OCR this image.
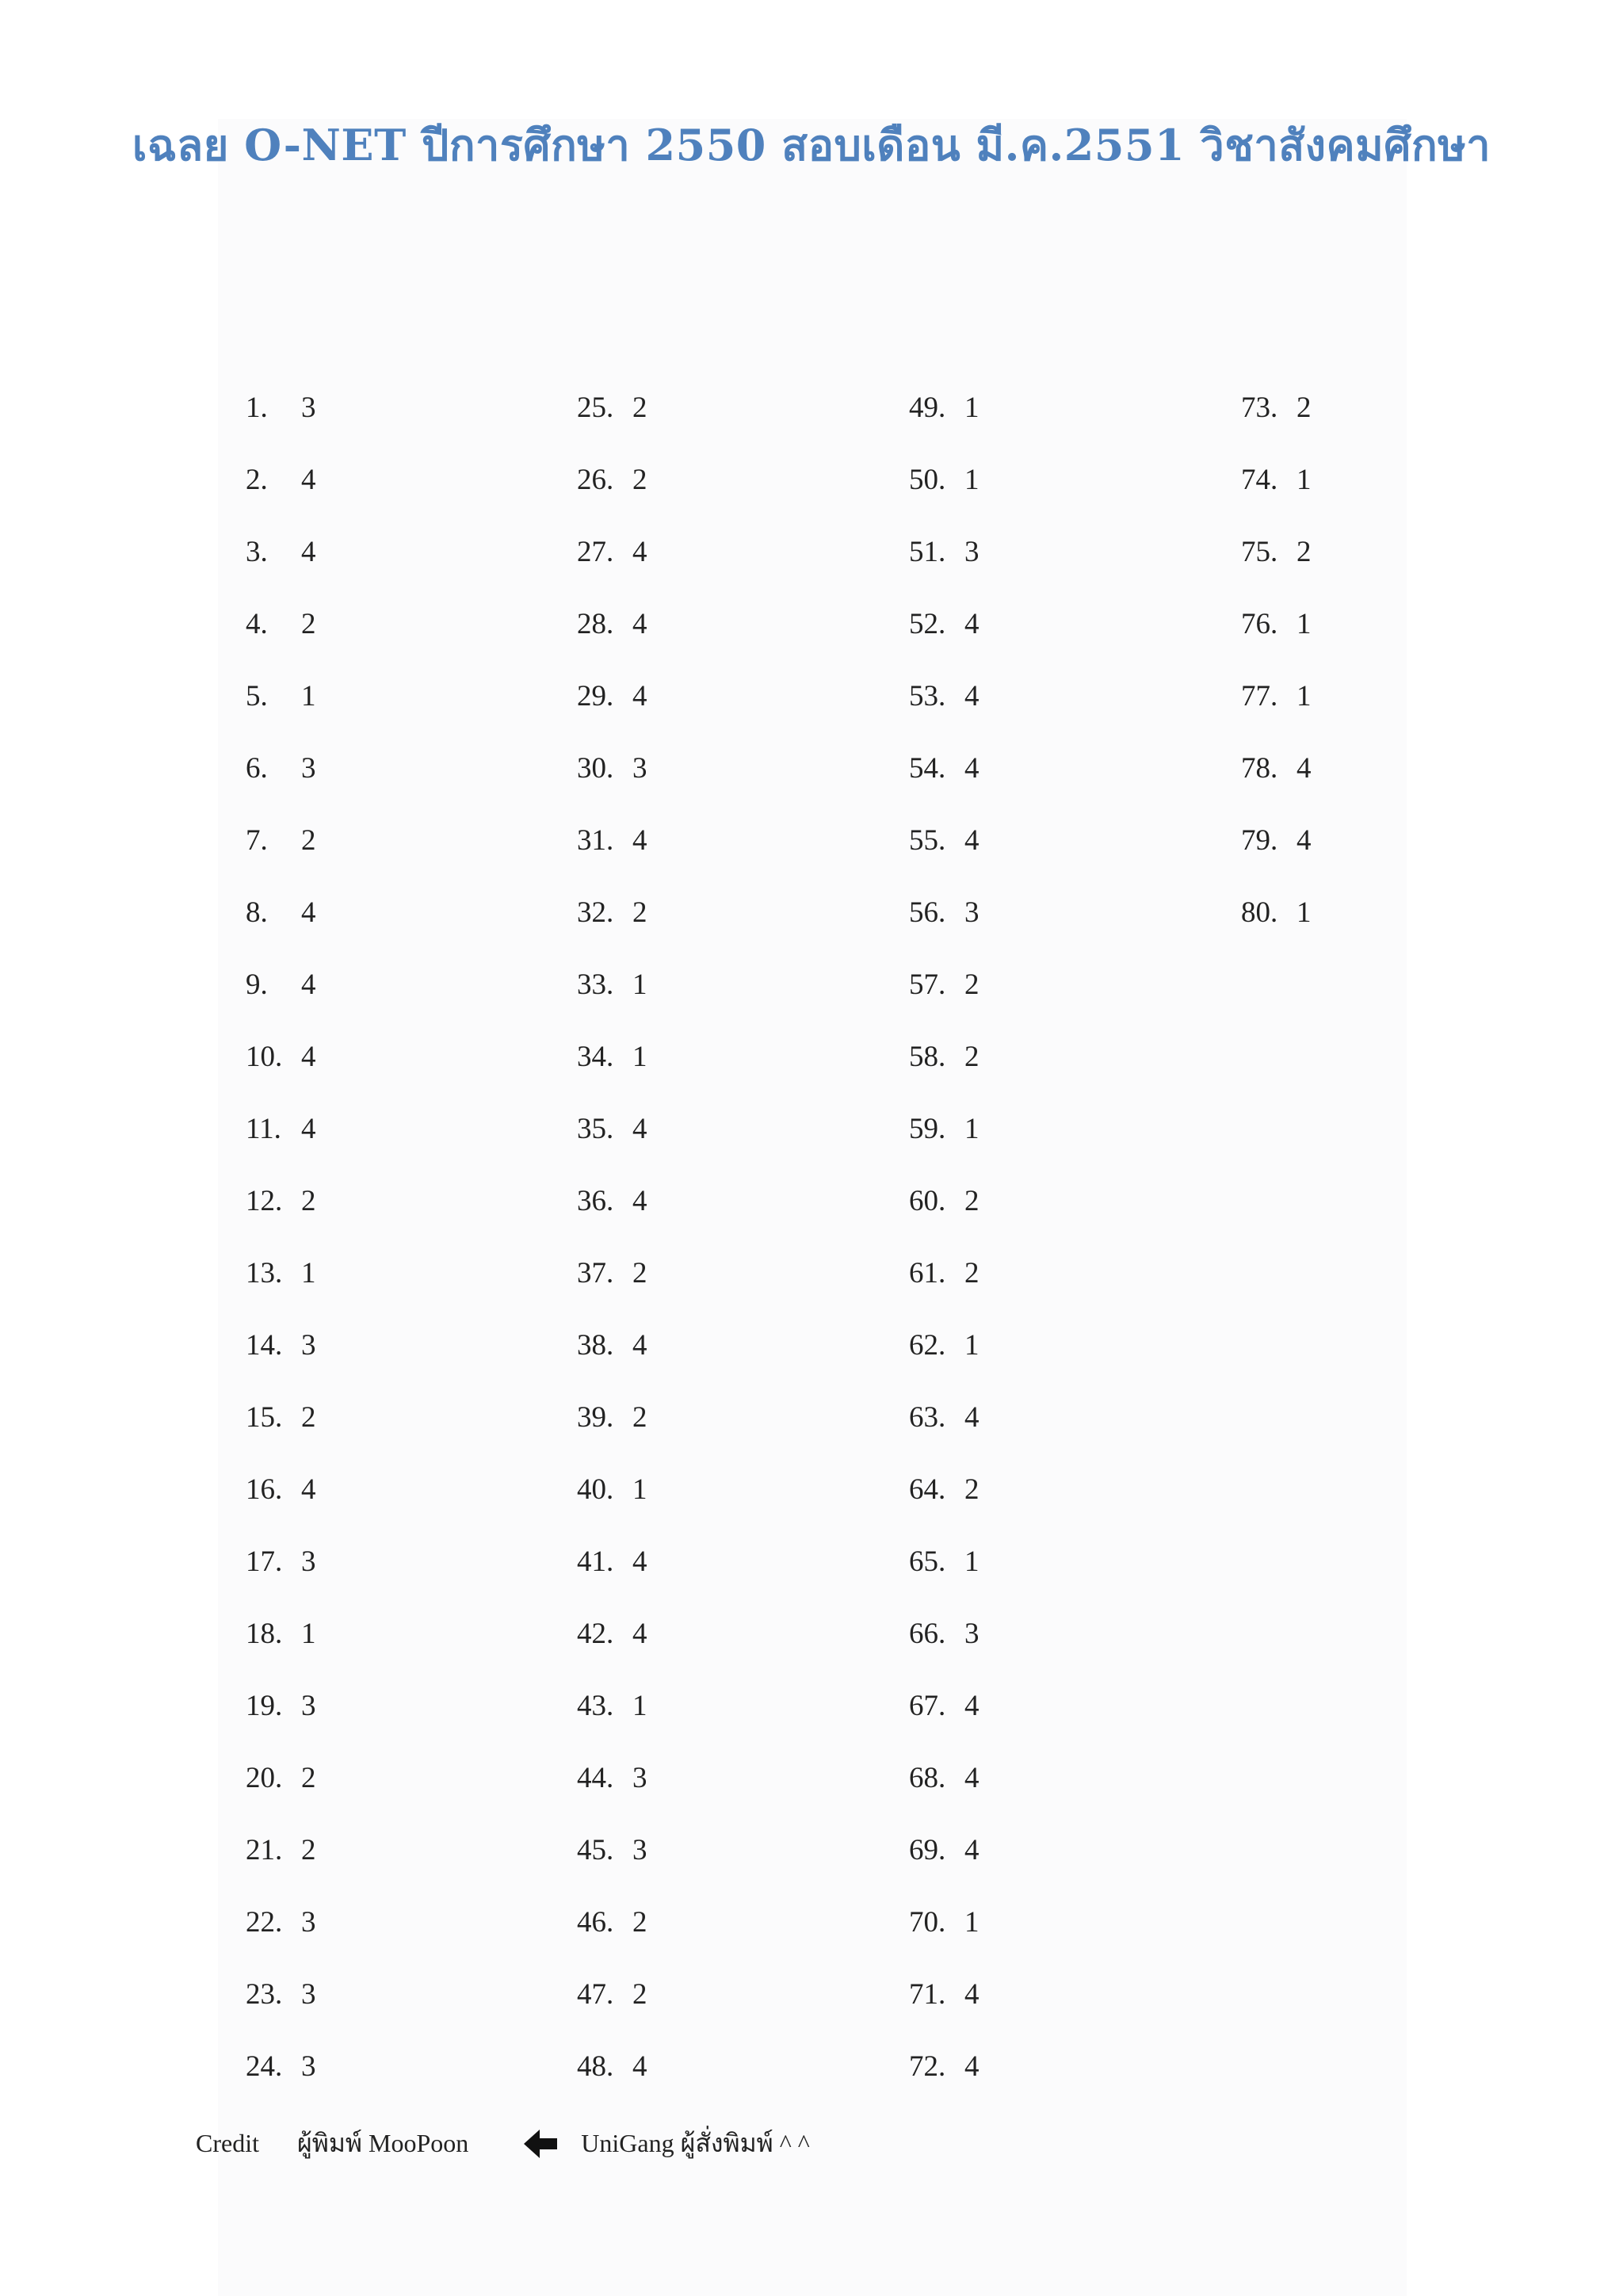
เฉลย O-NET ปีการศึกษา 2550 สอบเดือน มี.ค.2551 วิชาสังคมศึกษา
1. 3
2. 4
3. 4
4. 2
5. 1
6. 3
7. 2
8. 4
9. 4
10. 4
11. 4
12. 2
13. 1
14. 3
15. 2
16. 4
17. 3
18. 1
19. 3
20. 2
21. 2
22. 3
23. 3
24. 3
25. 2
26. 2
27. 4
28. 4
29. 4
30. 3
31. 4
32. 2
33. 1
34. 1
35. 4
36. 4
37. 2
38. 4
39. 2
40. 1
41. 4
42. 4
43. 1
44. 3
45. 3
46. 2
47. 2
48. 4
49. 1
50. 1
51. 3
52. 4
53. 4
54. 4
55. 4
56. 3
57. 2
58. 2
59. 1
60. 2
61. 2
62. 1
63. 4
64. 2
65. 1
66. 3
67. 4
68. 4
69. 4
70. 1
71. 4
72. 4
73. 2
74. 1
75. 2
76. 1
77. 1
78. 4
79. 4
80. 1
Credit ผู้พิมพ์ MooPoon	UniGang ผู้สั่งพิมพ์ ^ ^
